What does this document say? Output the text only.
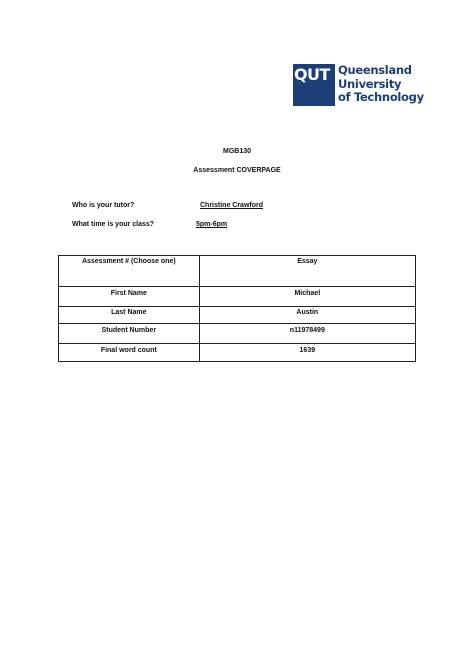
QUT Queensland
University
of Technology
MGB130
Assessment COVERPAGE
Who is your tutor?	Christine Crawford
What time is your class?	5pm-6pm
Assessment # (Choose one)	Essay
First Name	Michael
Last Name	Austin
Student Number	n11978499
Final word count	1639
